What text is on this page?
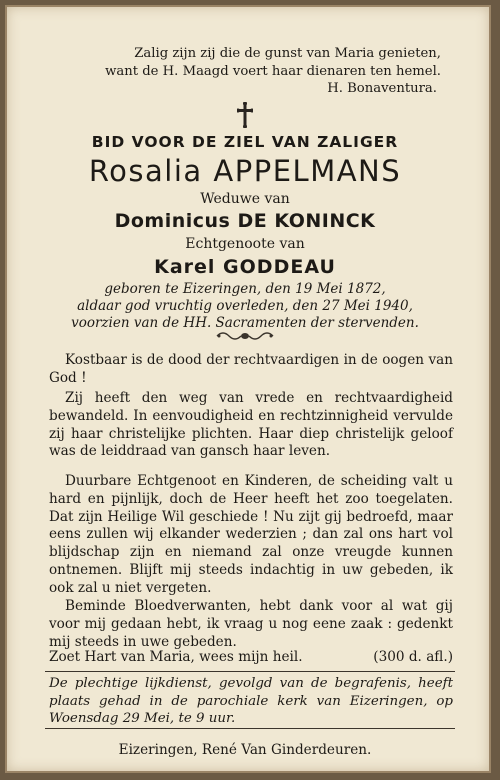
Zalig zijn zij die de gunst van Maria genieten,
want de H. Maagd voert haar dienaren ten hemel.
H. Bonaventura.
BID VOOR DE ZIEL VAN ZALIGER
Rosalia APPELMANS
Weduwe van
Dominicus DE KONINCK
Echtgenoote van
Karel GODDEAU
geboren te Eizeringen, den 19 Mei 1872,
aldaar god vruchtig overleden, den 27 Mei 1940,
voorzien van de HH. Sacramenten der stervenden.
Kostbaar is de dood der rechtvaardigen in de oogen van God !
Zij heeft den weg van vrede en rechtvaardigheid bewandeld. In eenvoudigheid en rechtzinnigheid vervulde zij haar christelijke plichten. Haar diep christelijk geloof was de leiddraad van gansch haar leven.
Duurbare Echtgenoot en Kinderen, de scheiding valt u hard en pijnlijk, doch de Heer heeft het zoo toegelaten. Dat zijn Heilige Wil geschiede ! Nu zijt gij bedroefd, maar eens zullen wij elkander wederzien ; dan zal ons hart vol blijdschap zijn en niemand zal onze vreugde kunnen ontnemen. Blijft mij steeds indachtig in uw gebeden, ik ook zal u niet vergeten.
Beminde Bloedverwanten, hebt dank voor al wat gij voor mij gedaan hebt, ik vraag u nog eene zaak : gedenkt mij steeds in uwe gebeden.
Zoet Hart van Maria, wees mijn heil.	(300 d. afl.)
De plechtige lijkdienst, gevolgd van de begrafenis, heeft plaats gehad in de parochiale kerk van Eizeringen, op Woensdag 29 Mei, te 9 uur.
Eizeringen, René Van Ginderdeuren.
